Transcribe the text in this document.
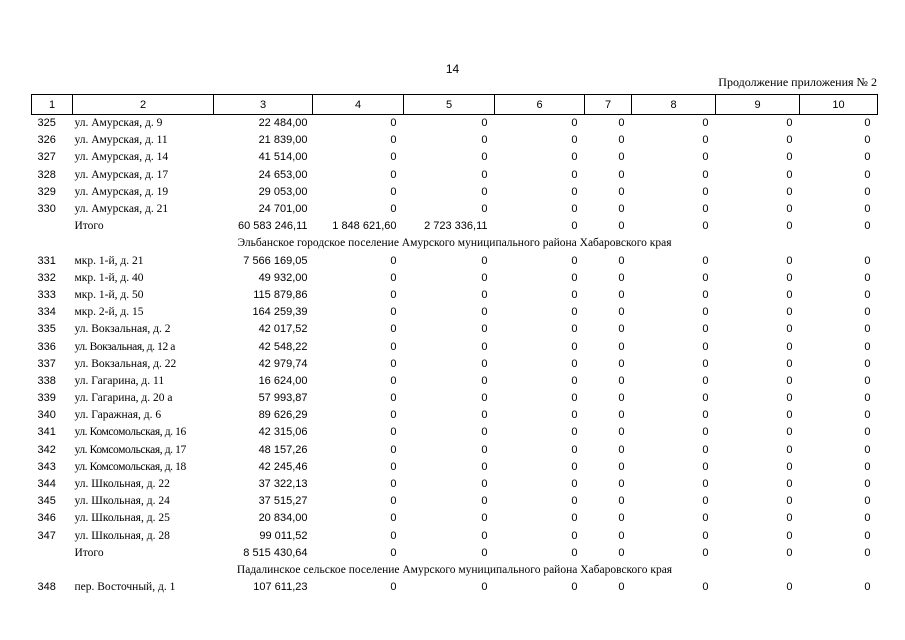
14
Продолжение приложения № 2
1	2	3	4	5	6	7	8	9	10
325	ул. Амурская, д. 9	22 484,00	0	0	0	0	0	0	0
326	ул. Амурская, д. 11	21 839,00	0	0	0	0	0	0	0
327	ул. Амурская, д. 14	41 514,00	0	0	0	0	0	0	0
328	ул. Амурская, д. 17	24 653,00	0	0	0	0	0	0	0
329	ул. Амурская, д. 19	29 053,00	0	0	0	0	0	0	0
330	ул. Амурская, д. 21	24 701,00	0	0	0	0	0	0	0
	Итого	60 583 246,11	1 848 621,60	2 723 336,11	0	0	0	0	0
Эльбанское городское поселение Амурского муниципального района Хабаровского края									
331	мкр. 1-й, д. 21	7 566 169,05	0	0	0	0	0	0	0
332	мкр. 1-й, д. 40	49 932,00	0	0	0	0	0	0	0
333	мкр. 1-й, д. 50	115 879,86	0	0	0	0	0	0	0
334	мкр. 2-й, д. 15	164 259,39	0	0	0	0	0	0	0
335	ул. Вокзальная, д. 2	42 017,52	0	0	0	0	0	0	0
336	ул. Вокзальная, д. 12 а	42 548,22	0	0	0	0	0	0	0
337	ул. Вокзальная, д. 22	42 979,74	0	0	0	0	0	0	0
338	ул. Гагарина, д. 11	16 624,00	0	0	0	0	0	0	0
339	ул. Гагарина, д. 20 а	57 993,87	0	0	0	0	0	0	0
340	ул. Гаражная, д. 6	89 626,29	0	0	0	0	0	0	0
341	ул. Комсомольская, д. 16	42 315,06	0	0	0	0	0	0	0
342	ул. Комсомольская, д. 17	48 157,26	0	0	0	0	0	0	0
343	ул. Комсомольская, д. 18	42 245,46	0	0	0	0	0	0	0
344	ул. Школьная, д. 22	37 322,13	0	0	0	0	0	0	0
345	ул. Школьная, д. 24	37 515,27	0	0	0	0	0	0	0
346	ул. Школьная, д. 25	20 834,00	0	0	0	0	0	0	0
347	ул. Школьная, д. 28	99 011,52	0	0	0	0	0	0	0
	Итого	8 515 430,64	0	0	0	0	0	0	0
Падалинское сельское поселение Амурского муниципального района Хабаровского края									
348	пер. Восточный, д. 1	107 611,23	0	0	0	0	0	0	0
